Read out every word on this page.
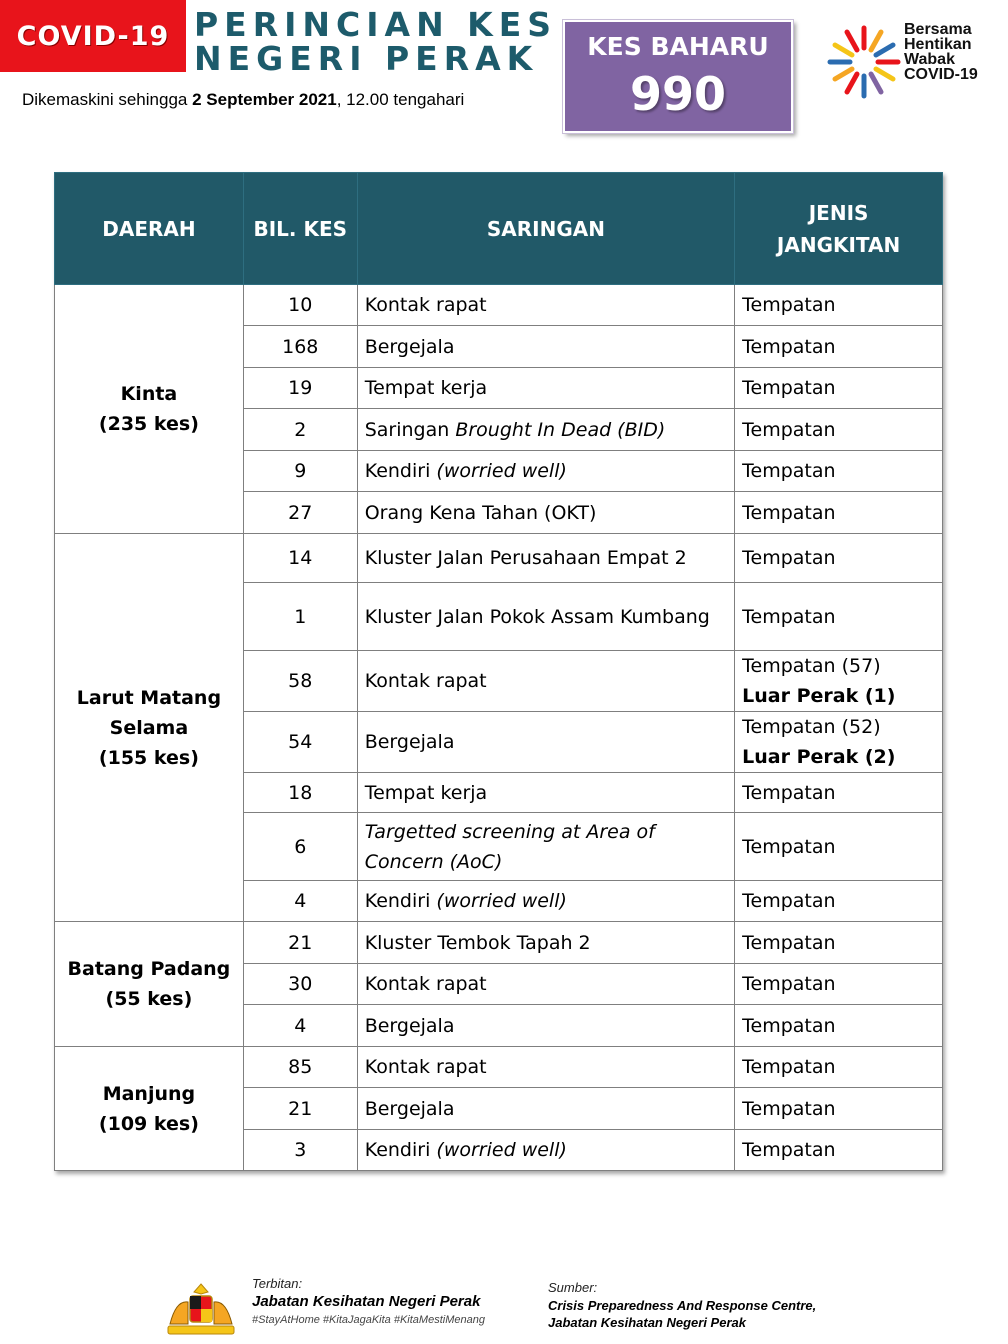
COVID-19 PERINCIAN KES
NEGERI PERAK
Dikemaskini sehingga 2 September 2021, 12.00 tengahari
KES BAHARU
990
Bersama
Hentikan
Wabak
COVID-19
DAERAH	BIL. KES	SARINGAN	JENIS
JANGKITAN
Kinta
(235 kes)	10	Kontak rapat	Tempatan
	168	Bergejala	Tempatan
	19	Tempat kerja	Tempatan
	2	Saringan Brought In Dead (BID)	Tempatan
	9	Kendiri (worried well)	Tempatan
	27	Orang Kena Tahan (OKT)	Tempatan
Larut Matang
Selama
(155 kes)	14	Kluster Jalan Perusahaan Empat 2	Tempatan
	1	Kluster Jalan Pokok Assam Kumbang	Tempatan
	58	Kontak rapat	Tempatan (57)
Luar Perak (1)
	54	Bergejala	Tempatan (52)
Luar Perak (2)
	18	Tempat kerja	Tempatan
	6	Targetted screening at Area of
Concern (AoC)	Tempatan
	4	Kendiri (worried well)	Tempatan
Batang Padang
(55 kes)	21	Kluster Tembok Tapah 2	Tempatan
	30	Kontak rapat	Tempatan
	4	Bergejala	Tempatan
Manjung
(109 kes)	85	Kontak rapat	Tempatan
	21	Bergejala	Tempatan
	3	Kendiri (worried well)	Tempatan
Terbitan:
Jabatan Kesihatan Negeri Perak
#StayAtHome #KitaJagaKita #KitaMestiMenang
Sumber:
Crisis Preparedness And Response Centre,
Jabatan Kesihatan Negeri Perak
